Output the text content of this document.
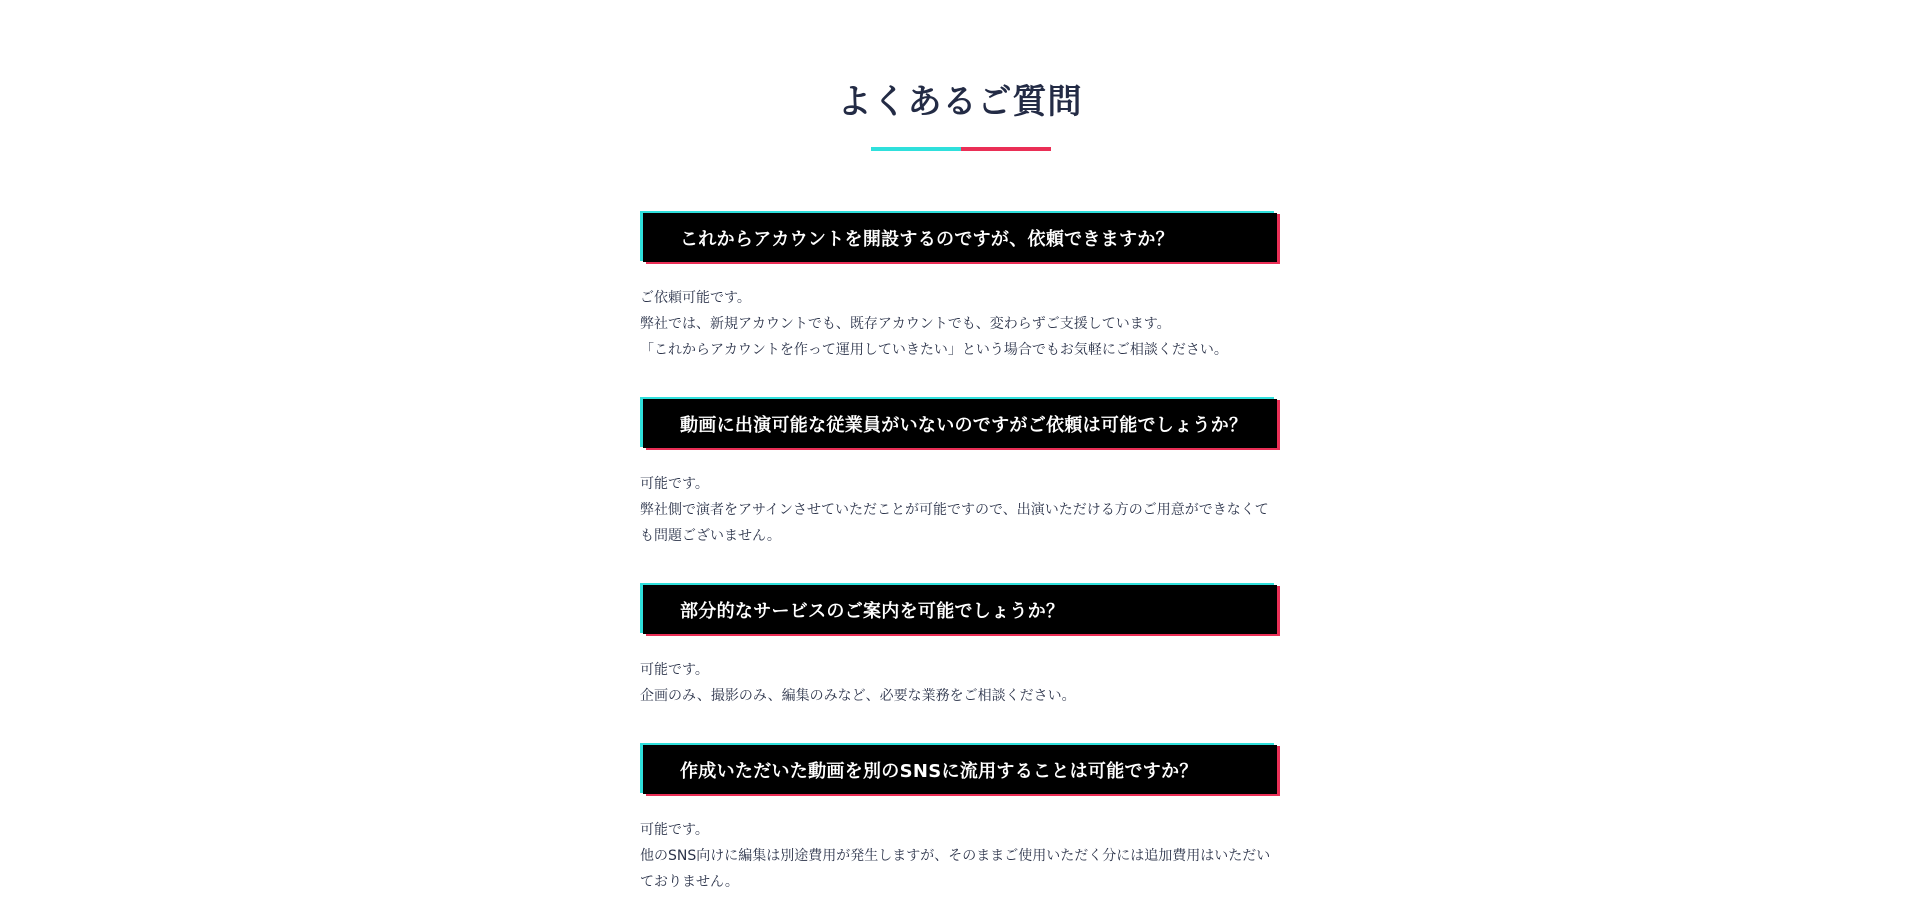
よくあるご質問
これからアカウントを開設するのですが、依頼できますか？

ご依頼可能です。

弊社では、新規アカウントでも、既存アカウントでも、変わらずご支援しています。

「これからアカウントを作って運用していきたい」という場合でもお気軽にご相談ください。

動画に出演可能な従業員がいないのですがご依頼は可能でしょうか？

可能です。

弊社側で演者をアサインさせていただことが可能ですので、出演いただける方のご用意ができなくて

も問題ございません。

部分的なサービスのご案内を可能でしょうか？

可能です。

企画のみ、撮影のみ、編集のみなど、必要な業務をご相談ください。

作成いただいた動画を別のSNSに流用することは可能ですか？

可能です。

他のSNS向けに編集は別途費用が発生しますが、そのままご使用いただく分には追加費用はいただい

ておりません。
